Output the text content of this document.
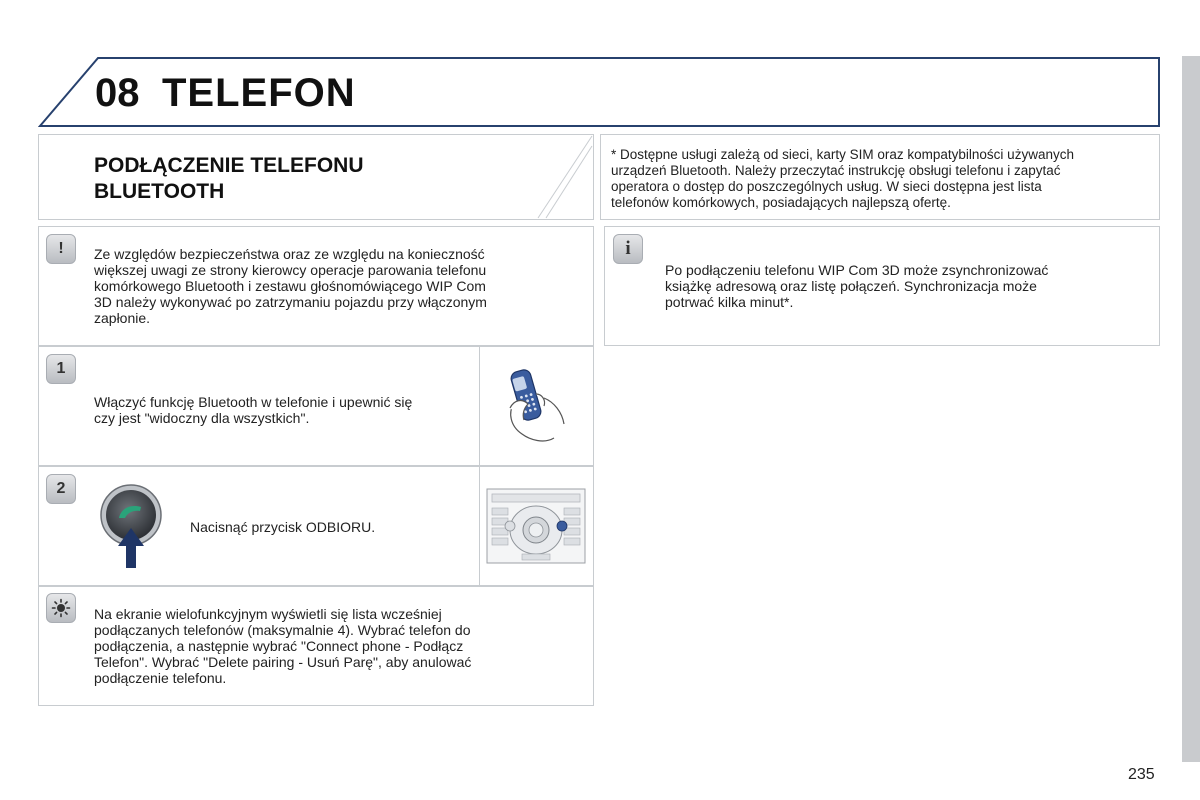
08 TELEFON
PODŁĄCZENIE TELEFONU
BLUETOOTH
* Dostępne usługi zależą od sieci, karty SIM oraz kompatybilności używanych
urządzeń Bluetooth. Należy przeczytać instrukcję obsługi telefonu i zapytać
operatora o dostęp do poszczególnych usług. W sieci dostępna jest lista
telefonów komórkowych, posiadających najlepszą ofertę.
! Ze względów bezpieczeństwa oraz ze względu na konieczność
większej uwagi ze strony kierowcy operacje parowania telefonu
komórkowego Bluetooth i zestawu głośnomówiącego WIP Com
3D należy wykonywać po zatrzymaniu pojazdu przy włączonym
zapłonie.
i
Po podłączeniu telefonu WIP Com 3D może zsynchronizować
książkę adresową oraz listę połączeń. Synchronizacja może
potrwać kilka minut*.
1
Włączyć funkcję Bluetooth w telefonie i upewnić się
czy jest "widoczny dla wszystkich".
2
Nacisnąć przycisk ODBIORU.
Na ekranie wielofunkcyjnym wyświetli się lista wcześniej
podłączanych telefonów (maksymalnie 4). Wybrać telefon do
podłączenia, a następnie wybrać "Connect phone - Podłącz
Telefon". Wybrać "Delete pairing - Usuń Parę", aby anulować
podłączenie telefonu.
235
